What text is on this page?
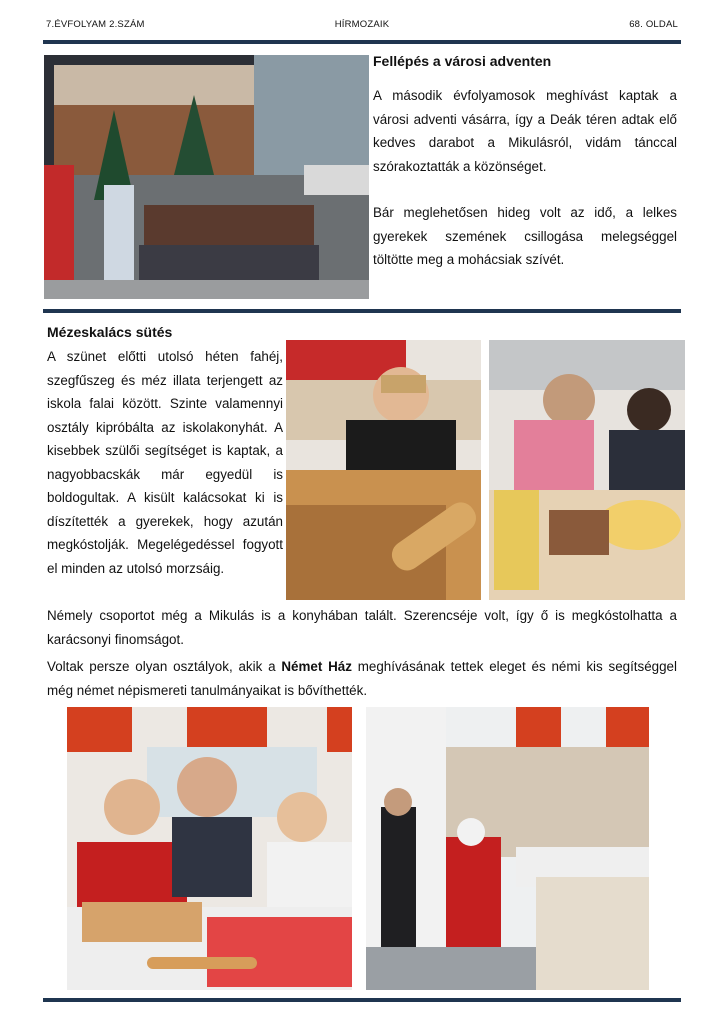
7.ÉVFOLYAM 2.SZÁM	HÍRMOZAIK	68. OLDAL
Fellépés a városi adventen

A második évfolyamosok meghívást kaptak a városi adventi vásárra, így a Deák téren adtak elő kedves darabot a Mikulásról, vidám tánccal szórakoztatták a közönséget.

Bár meglehetősen hideg volt az idő, a lelkes gyerekek szemének csillogása melegséggel töltötte meg a mohácsiak szívét.

Mézeskalács sütés

A szünet előtti utolsó héten fahéj, szegfűszeg és méz illata terjengett az iskola falai között. Szinte valamennyi osztály kipróbálta az iskolakonyhát. A kisebbek szülői segítséget is kaptak, a nagyobbacskák már egyedül is boldogultak. A kisült kalácsokat ki is díszítették a gyerekek, hogy azután megkóstolják. Megelégedéssel fogyott el minden az utolsó morzsáig.

Némely csoportot még a Mikulás is a konyhában talált. Szerencséje volt, így ő is megkóstolhatta a karácsonyi finomságot.

Voltak persze olyan osztályok, akik a Német Ház meghívásának tettek eleget és némi kis segítséggel még német népismereti tanulmányaikat is bővíthették.
